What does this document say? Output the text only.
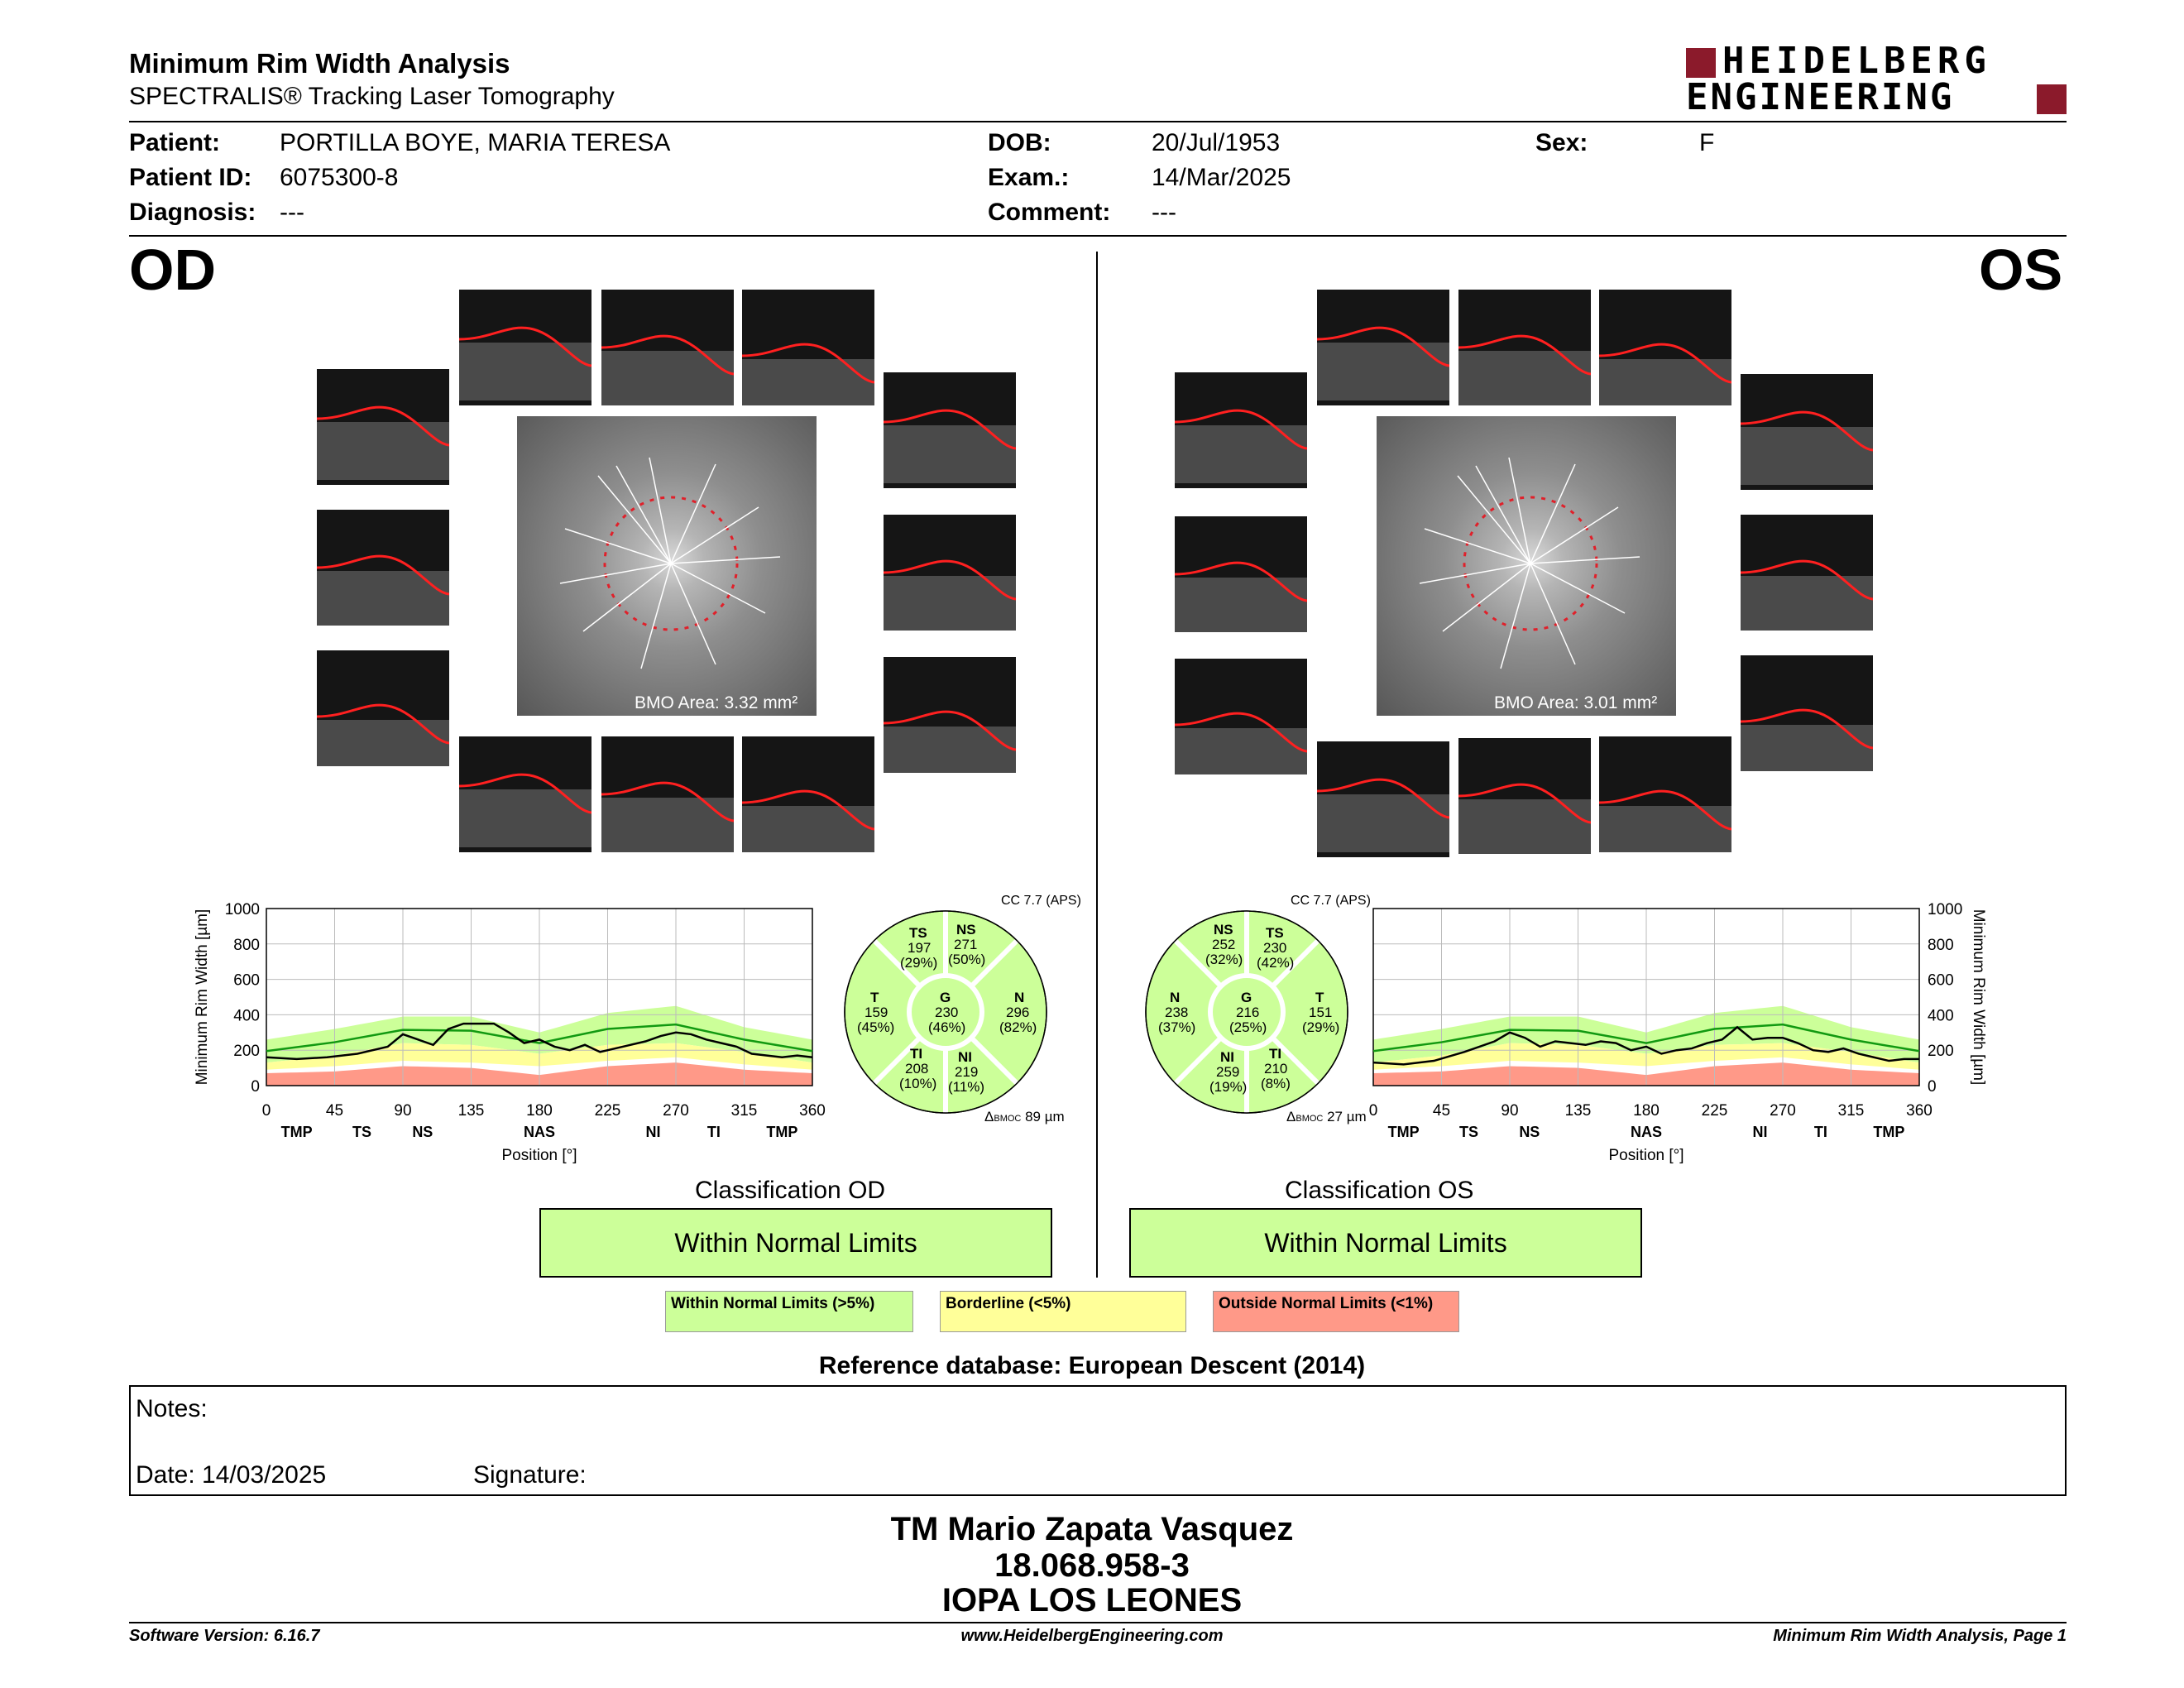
Minimum Rim Width Analysis
SPECTRALIS® Tracking Laser Tomography
HEIDELBERG
ENGINEERING
Patient: PORTILLA BOYE, MARIA TERESA
Patient ID: 6075300-8
Diagnosis: ---
DOB:	20/Jul/1953
Exam.:	14/Mar/2025
Comment: ---
Sex:	F
OD	OS
BMO Area: 3.32 mm²	BMO Area: 3.01 mm²
0	45	90	135	180	225	270	315	360
TMP	TS	NS	NAS	NI	TI	TMP
Position [°]
0
200
400
600
800
1000
Minimum Rim Width [µm]
0	45	90	135	180	225	270	315	360
TMP	TS	NS	NAS	NI	TI	TMP
Position [°]
0
200
400
600
800
1000 Minimum Rim Width [µm]
CC 7.7 (APS)
TS
197
(29%)
NS
271
(50%)
T
159
(45%)
G
230
(46%)
N
296
(82%)
TI
208
(10%)
NI
219
(11%)
ΔBMOC 89 µm
CC 7.7 (APS)
NS
252
(32%)
TS
230
(42%)
N
238
(37%)
G
216
(25%)
T
151
(29%)
NI
259
(19%)
TI
210
(8%)
ΔBMOC 27 µm
Classification OD
Within Normal Limits
Classification OS
Within Normal Limits
Within Normal Limits (>5%)	Borderline (<5%)	Outside Normal Limits (<1%)
Reference database: European Descent (2014)
Notes:
Date: 14/03/2025	Signature:
TM Mario Zapata Vasquez
18.068.958-3
IOPA LOS LEONES
Software Version: 6.16.7	www.HeidelbergEngineering.com	Minimum Rim Width Analysis, Page 1
